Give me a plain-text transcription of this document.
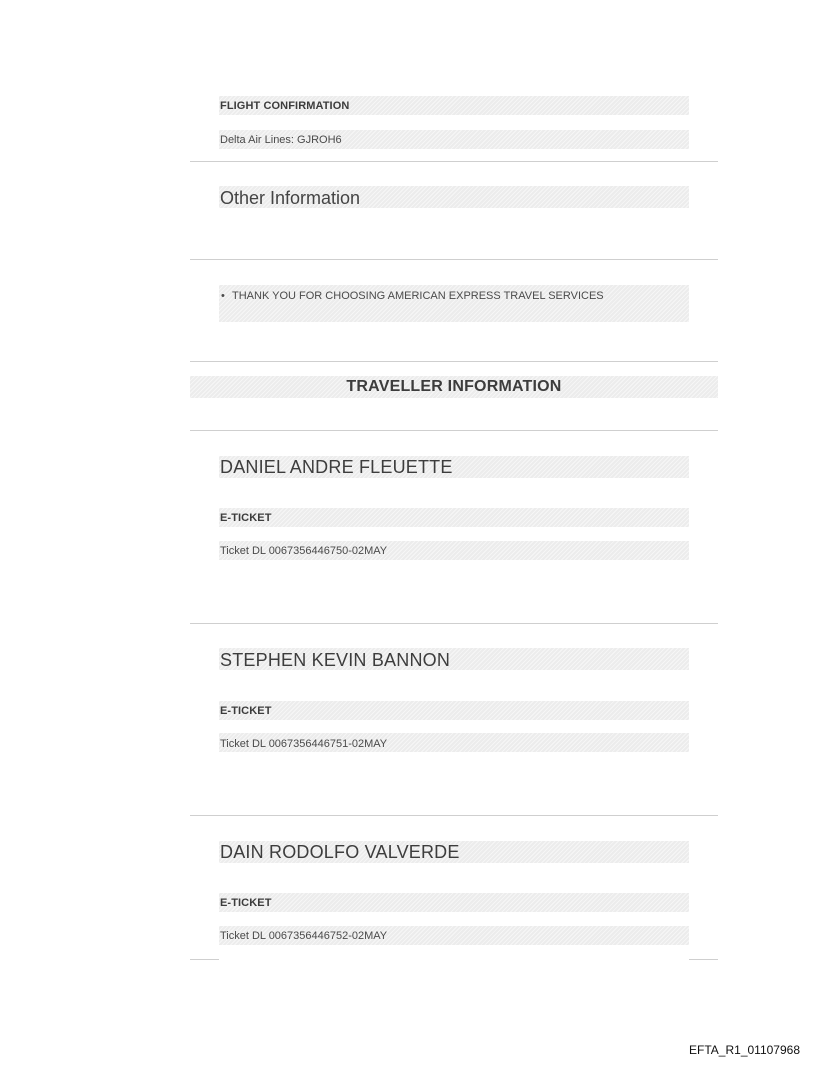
FLIGHT CONFIRMATION
Delta Air Lines: GJROH6
Other Information
• THANK YOU FOR CHOOSING AMERICAN EXPRESS TRAVEL SERVICES
TRAVELLER INFORMATION
DANIEL ANDRE FLEUETTE
E-TICKET
Ticket DL 0067356446750-02MAY
STEPHEN KEVIN BANNON
E-TICKET
Ticket DL 0067356446751-02MAY
DAIN RODOLFO VALVERDE
E-TICKET
Ticket DL 0067356446752-02MAY
EFTA_R1_01107968
